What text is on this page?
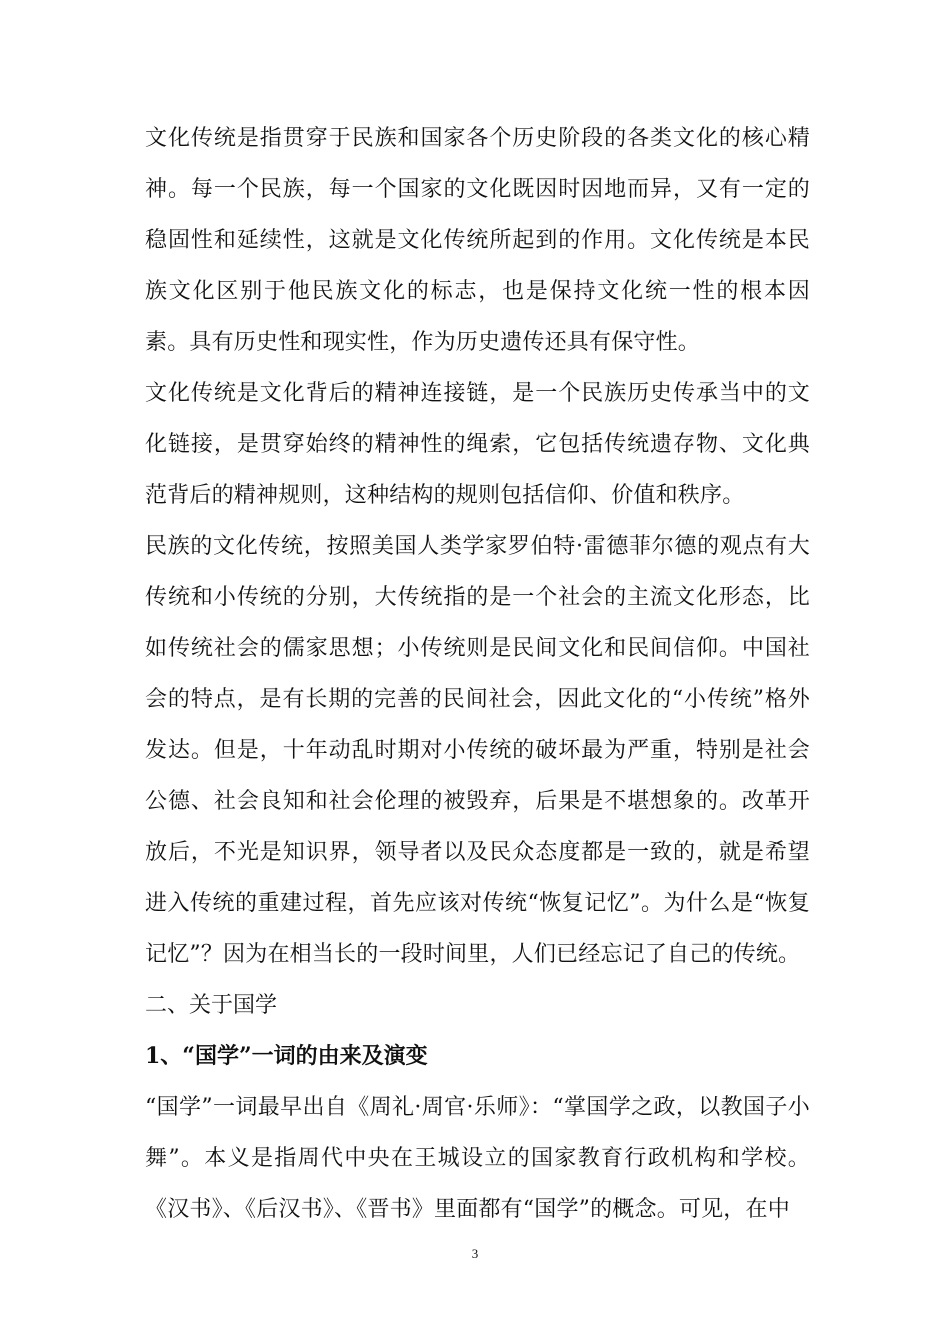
文化传统是指贯穿于民族和国家各个历史阶段的各类文化的核心精神。每一个民族，每一个国家的文化既因时因地而异，又有一定的稳固性和延续性，这就是文化传统所起到的作用。文化传统是本民族文化区别于他民族文化的标志，也是保持文化统一性的根本因素。具有历史性和现实性，作为历史遗传还具有保守性。

文化传统是文化背后的精神连接链，是一个民族历史传承当中的文化链接，是贯穿始终的精神性的绳索，它包括传统遗存物、文化典范背后的精神规则，这种结构的规则包括信仰、价值和秩序。

民族的文化传统，按照美国人类学家罗伯特·雷德菲尔德的观点有大传统和小传统的分别，大传统指的是一个社会的主流文化形态，比如传统社会的儒家思想；小传统则是民间文化和民间信仰。中国社会的特点，是有长期的完善的民间社会，因此文化的“小传统”格外发达。但是，十年动乱时期对小传统的破坏最为严重，特别是社会公德、社会良知和社会伦理的被毁弃，后果是不堪想象的。改革开放后，不光是知识界，领导者以及民众态度都是一致的，就是希望进入传统的重建过程，首先应该对传统“恢复记忆”。为什么是“恢复记忆”？因为在相当长的一段时间里，人们已经忘记了自己的传统。

二、关于国学

1、“国学”一词的由来及演变

“国学”一词最早出自《周礼·周官·乐师》：“掌国学之政，以教国子小舞”。本义是指周代中央在王城设立的国家教育行政机构和学校。《汉书》、《后汉书》、《晋书》里面都有“国学”的概念。可见，在中

3
